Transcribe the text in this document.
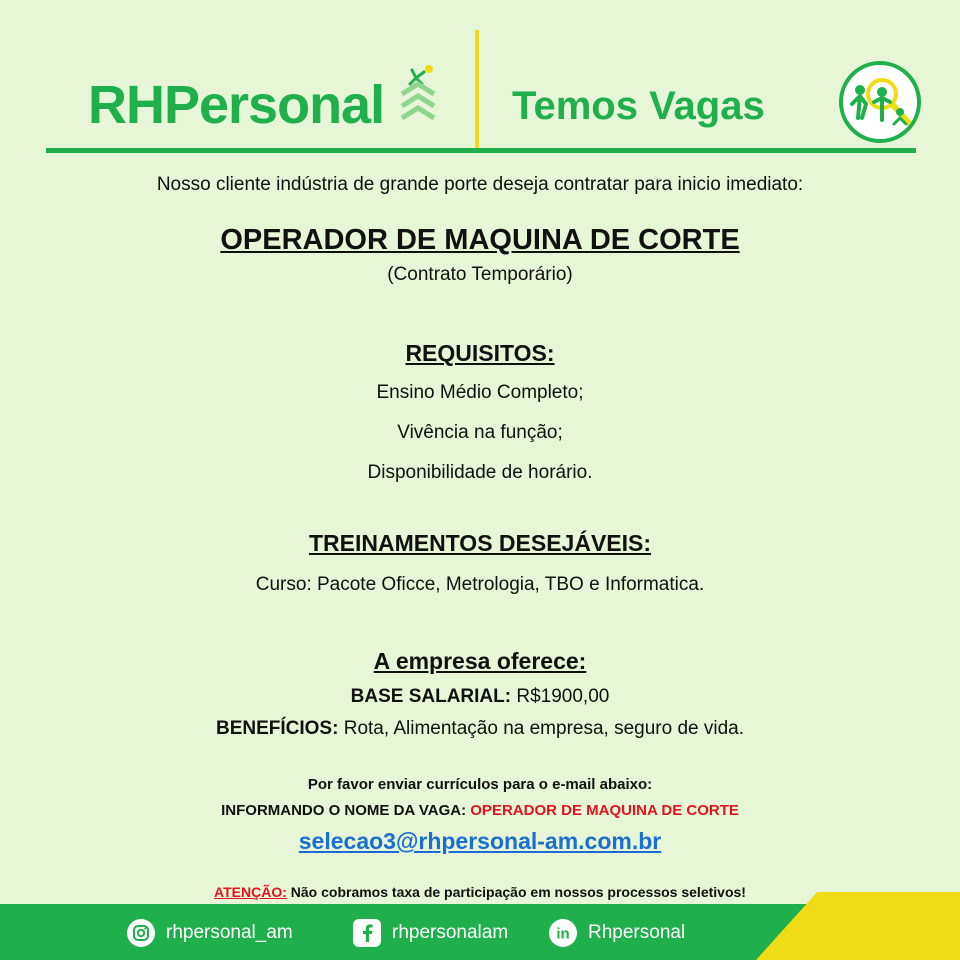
RHPersonal	Temos Vagas
Nosso cliente indústria de grande porte deseja contratar para inicio imediato:
OPERADOR DE MAQUINA DE CORTE
(Contrato Temporário)
REQUISITOS:
Ensino Médio Completo;
Vivência na função;
Disponibilidade de horário.
TREINAMENTOS DESEJÁVEIS:
Curso: Pacote Oficce, Metrologia, TBO e Informatica.
A empresa oferece:
BASE SALARIAL: R$1900,00
BENEFÍCIOS: Rota, Alimentação na empresa, seguro de vida.
Por favor enviar currículos para o e-mail abaixo:
INFORMANDO O NOME DA VAGA: OPERADOR DE MAQUINA DE CORTE
selecao3@rhpersonal-am.com.br
ATENÇÃO: Não cobramos taxa de participação em nossos processos seletivos!
rhpersonal_am	rhpersonalam	in Rhpersonal
